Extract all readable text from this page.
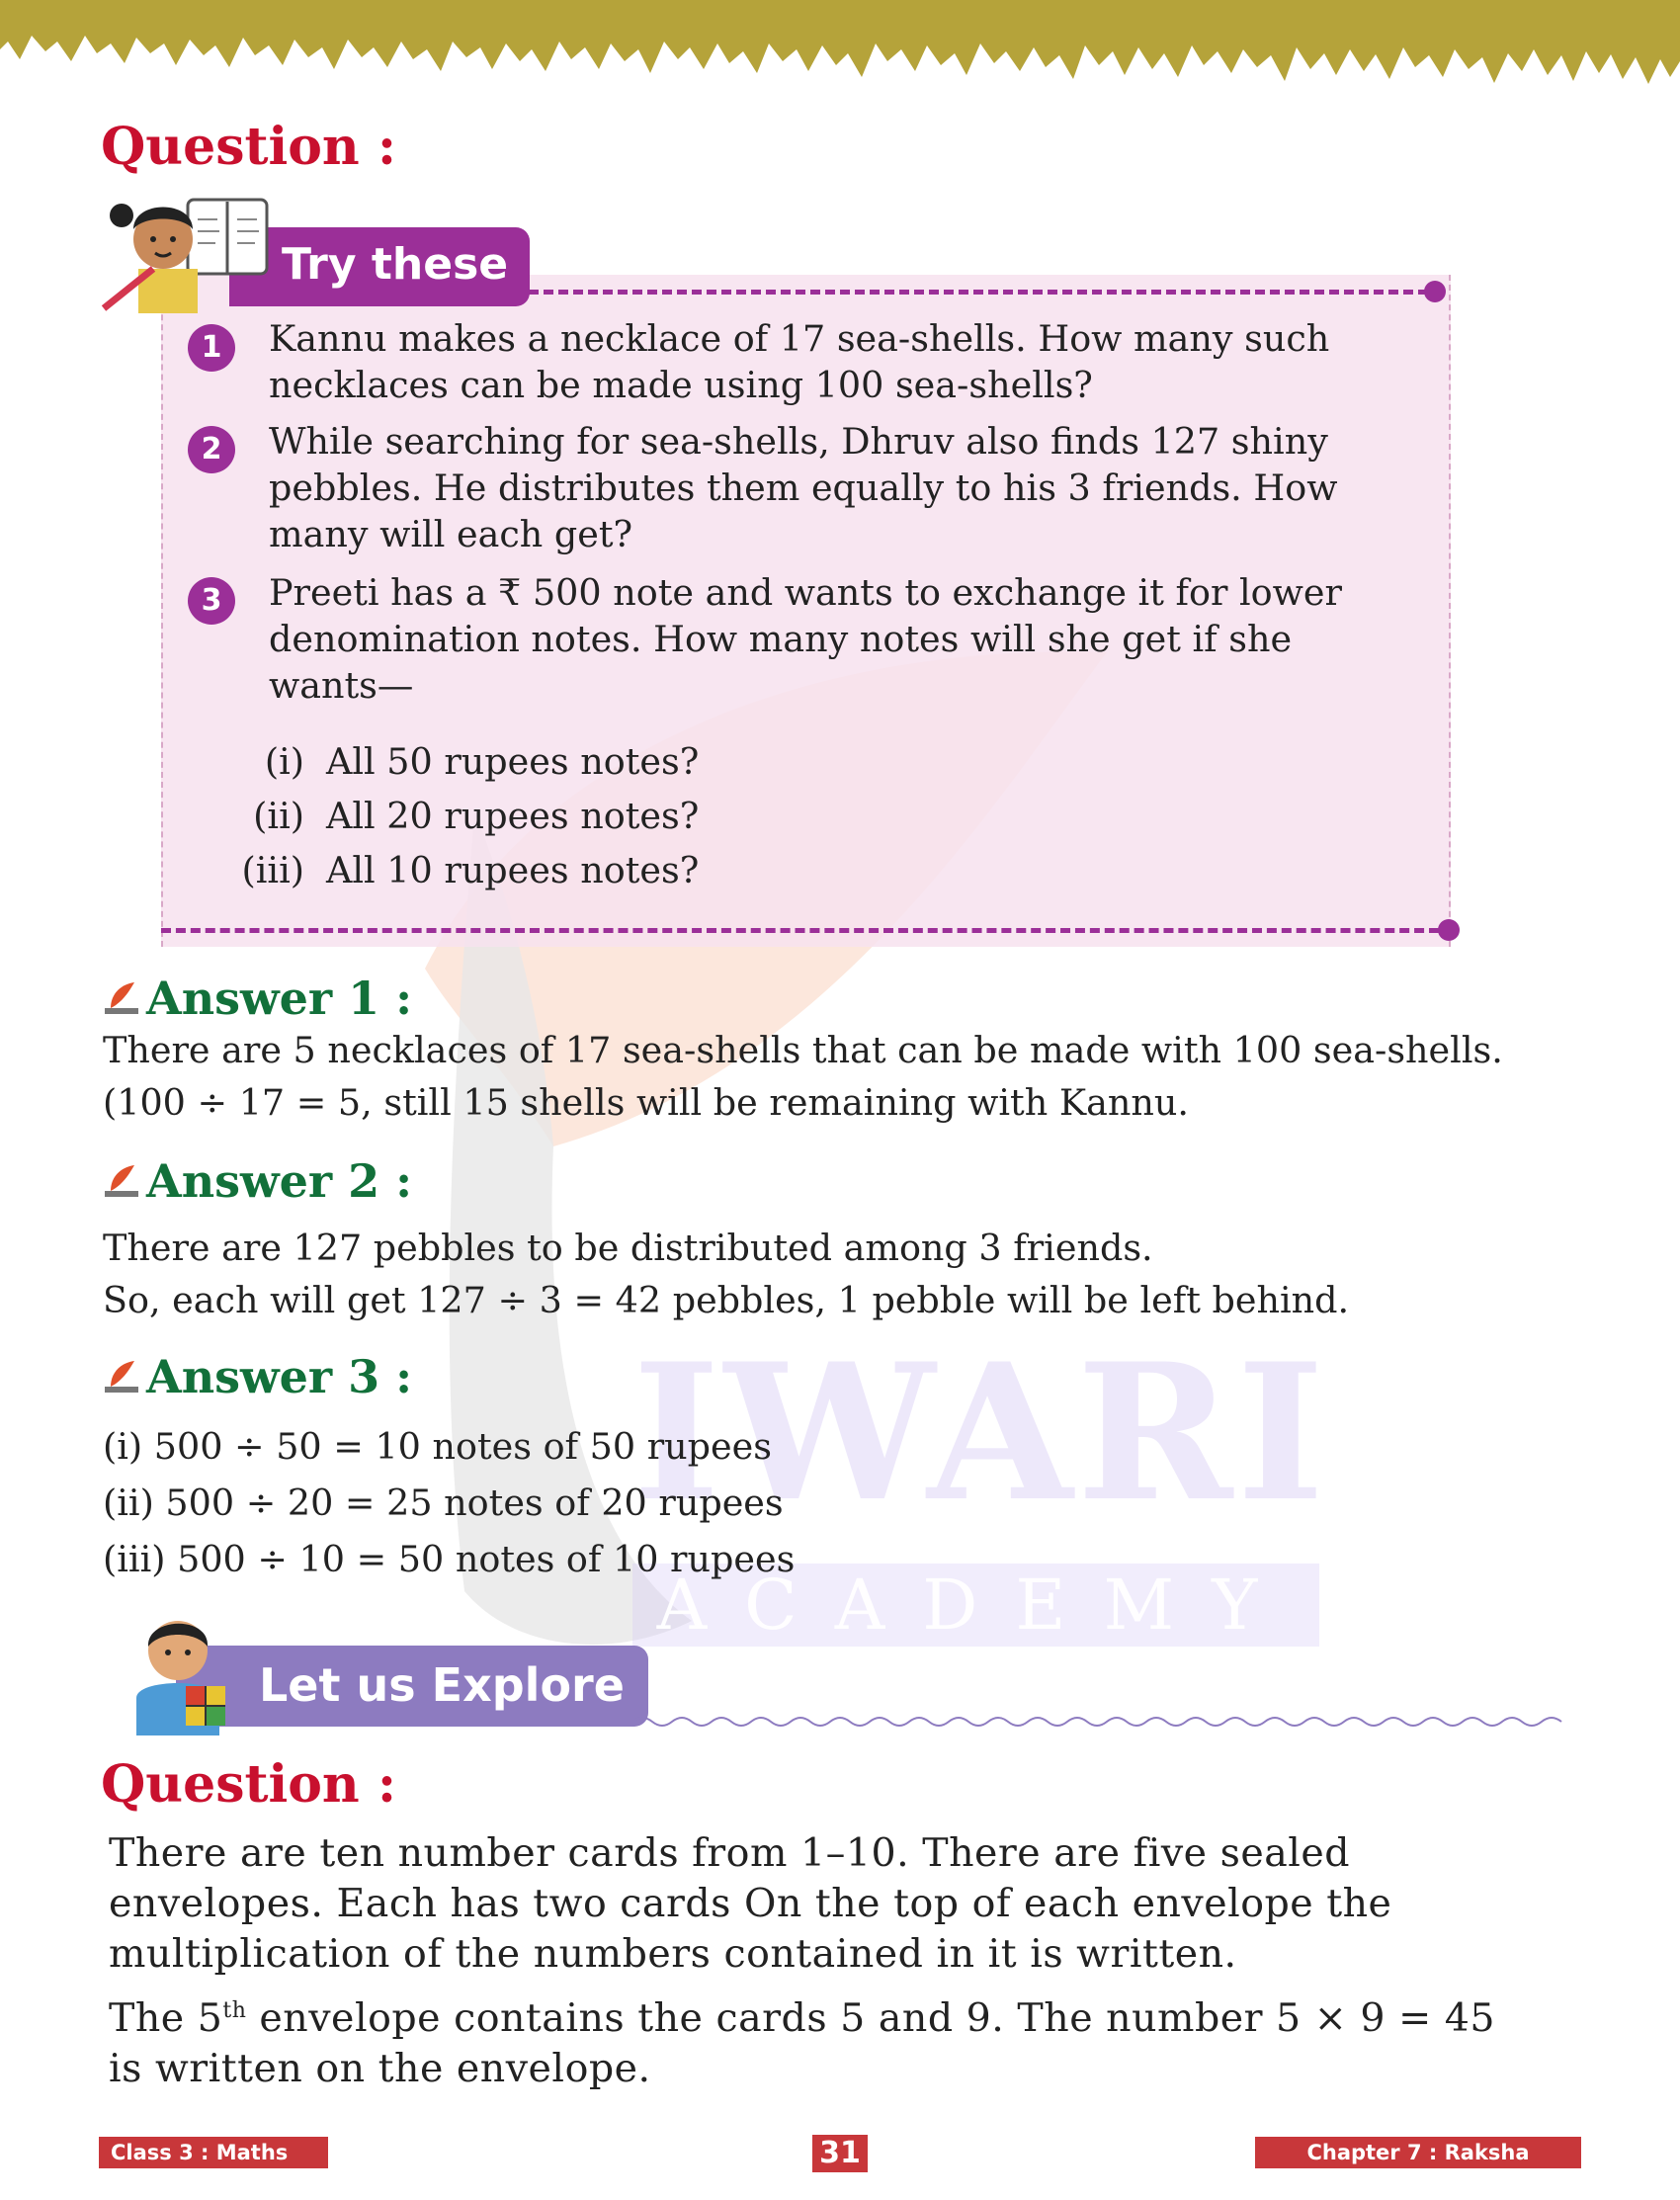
IWARI
ACADEMY
Question :
Try these
1	Kannu makes a necklace of 17 sea-shells. How many such
necklaces can be made using 100 sea-shells?
2	While searching for sea-shells, Dhruv also finds 127 shiny
pebbles. He distributes them equally to his 3 friends. How
many will each get?
3	Preeti has a ₹ 500 note and wants to exchange it for lower
denomination notes. How many notes will she get if she
wants—
(i) All 50 rupees notes?
(ii) All 20 rupees notes?
(iii) All 10 rupees notes?
Answer 1 :
There are 5 necklaces of 17 sea-shells that can be made with 100 sea-shells.
(100 ÷ 17 = 5, still 15 shells will be remaining with Kannu.
Answer 2 :
There are 127 pebbles to be distributed among 3 friends.
So, each will get 127 ÷ 3 = 42 pebbles, 1 pebble will be left behind.
Answer 3 :
(i) 500 ÷ 50 = 10 notes of 50 rupees
(ii) 500 ÷ 20 = 25 notes of 20 rupees
(iii) 500 ÷ 10 = 50 notes of 10 rupees
Let us Explore
Question :
There are ten number cards from 1–10. There are five sealed
envelopes. Each has two cards On the top of each envelope the
multiplication of the numbers contained in it is written.
The 5th envelope contains the cards 5 and 9. The number 5 × 9 = 45
is written on the envelope.
Class 3 : Maths Mela
31	Chapter 7 : Raksha Bandhan
